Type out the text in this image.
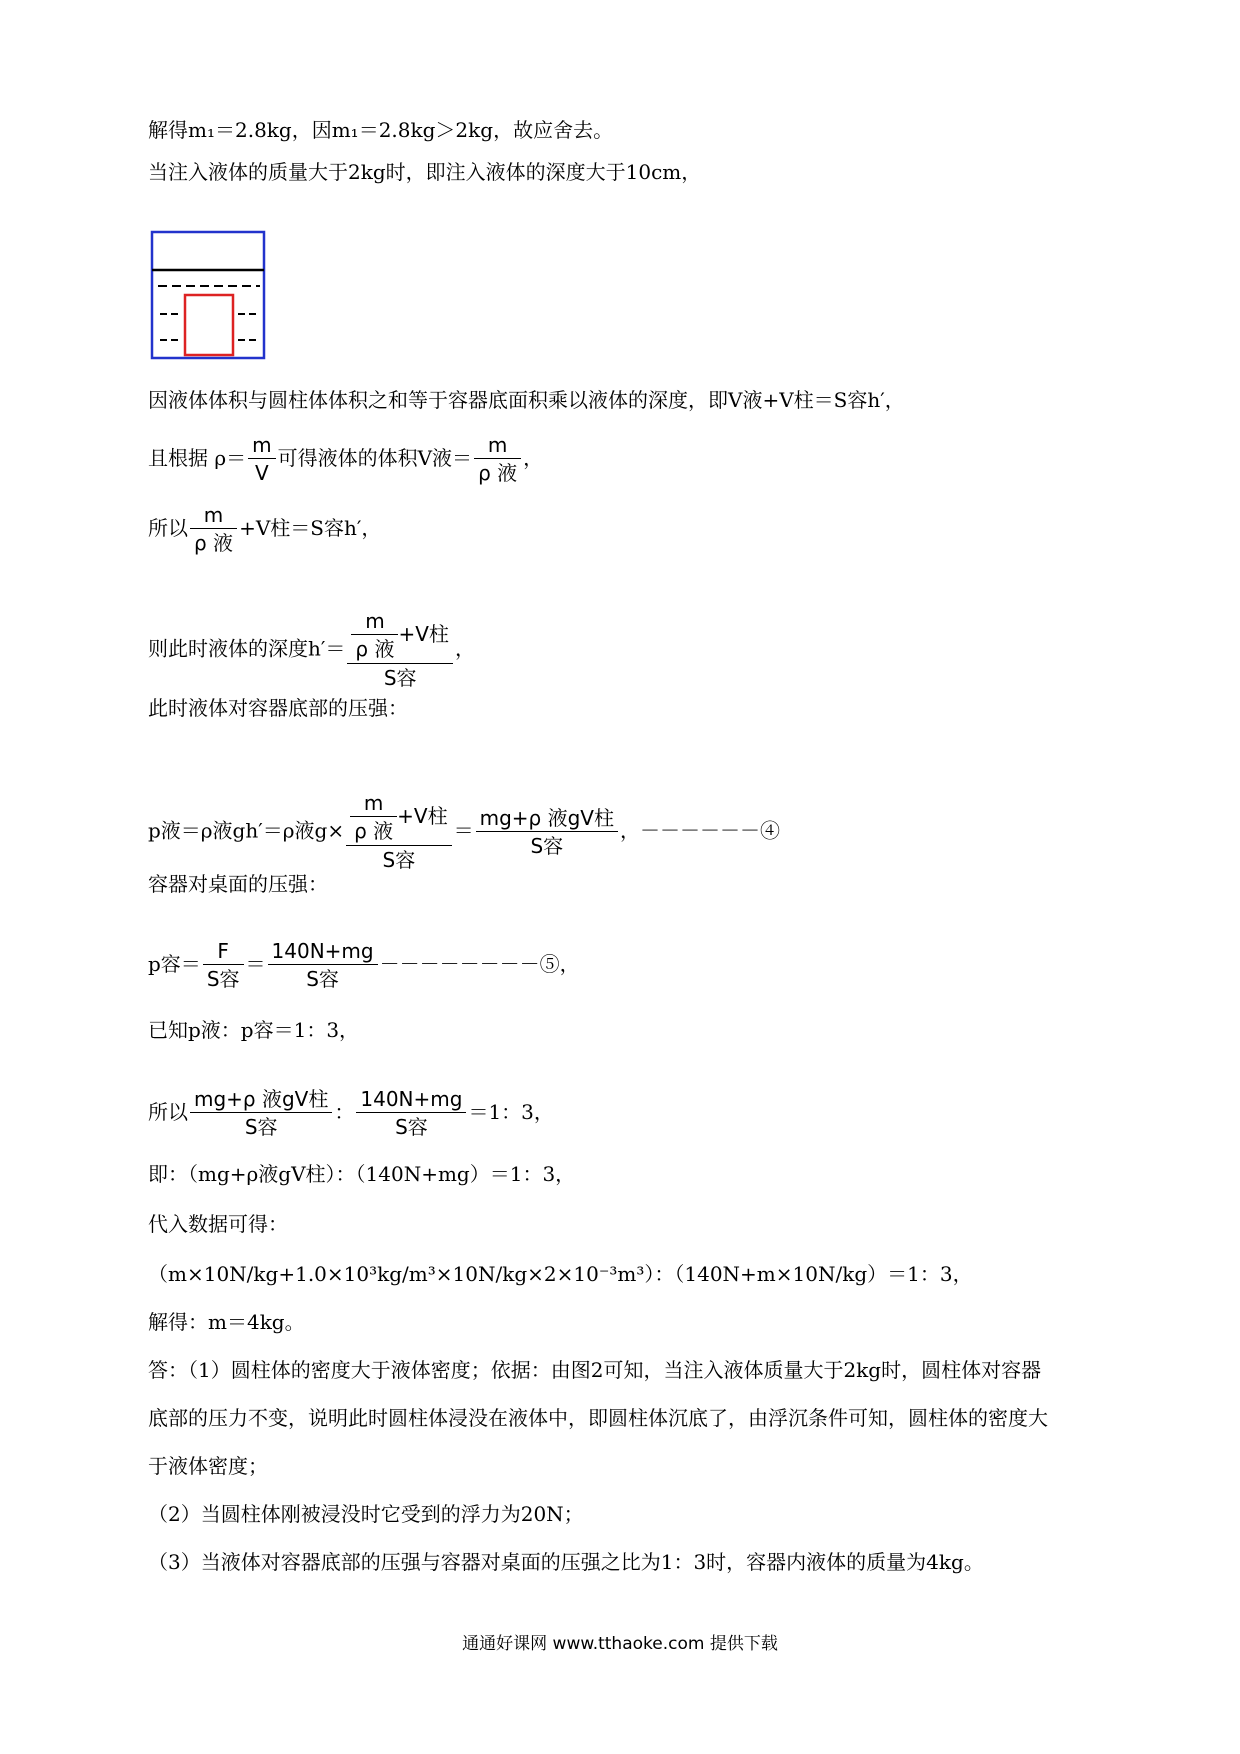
解得m₁＝2.8kg，因m₁＝2.8kg＞2kg，故应舍去。
当注入液体的质量大于2kg时，即注入液体的深度大于10cm，
因液体体积与圆柱体体积之和等于容器底面积乘以液体的深度，即V液+V柱＝S容h′，
且根据 $\rho= \frac{m}{V}$ 可得液体的体积V液＝ $\frac{m}{\text{ρ 液}}$ ，
所以 $\frac{m}{\text{ρ 液}} +V$柱＝S容h′，
则此时液体的深度$h'= \frac{\frac{m}{\text{ρ 液}} +V柱}{\text{S容}}$ ，
此时液体对容器底部的压强：
p液＝ρ液gh′＝ρ液$g\times \frac{\frac{m}{\text{ρ 液}} +V柱}{\text{S容}} = \frac{\text{mg+ρ 液gV柱}}{\text{S容}}$ ，－－－－－－④
容器对桌面的压强：
p容＝ $\frac{F}{\text{S容}} = \frac{140N+mg}{\text{S容}}$ －－－－－－－－⑤，
已知p液：p容＝1：3，
所以 $\frac{\text{mg+ρ 液gV柱}}{\text{S容}}$ ： $\frac{140N+mg}{\text{S容}} =1$：3，
即：（mg+ρ液gV柱）：（140N+mg）＝1：3，
代入数据可得：
（m×10N/kg+1.0×10³kg/m³×10N/kg×2×10⁻³m³）：（140N+m×10N/kg）＝1：3，
解得：m＝4kg。
答：（1）圆柱体的密度大于液体密度；依据：由图2可知，当注入液体质量大于2kg时，圆柱体对容器
底部的压力不变，说明此时圆柱体浸没在液体中，即圆柱体沉底了，由浮沉条件可知，圆柱体的密度大
于液体密度；
（2）当圆柱体刚被浸没时它受到的浮力为20N；
（3）当液体对容器底部的压强与容器对桌面的压强之比为1：3时，容器内液体的质量为4kg。
通通好课网 www.tthaoke.com 提供下载
